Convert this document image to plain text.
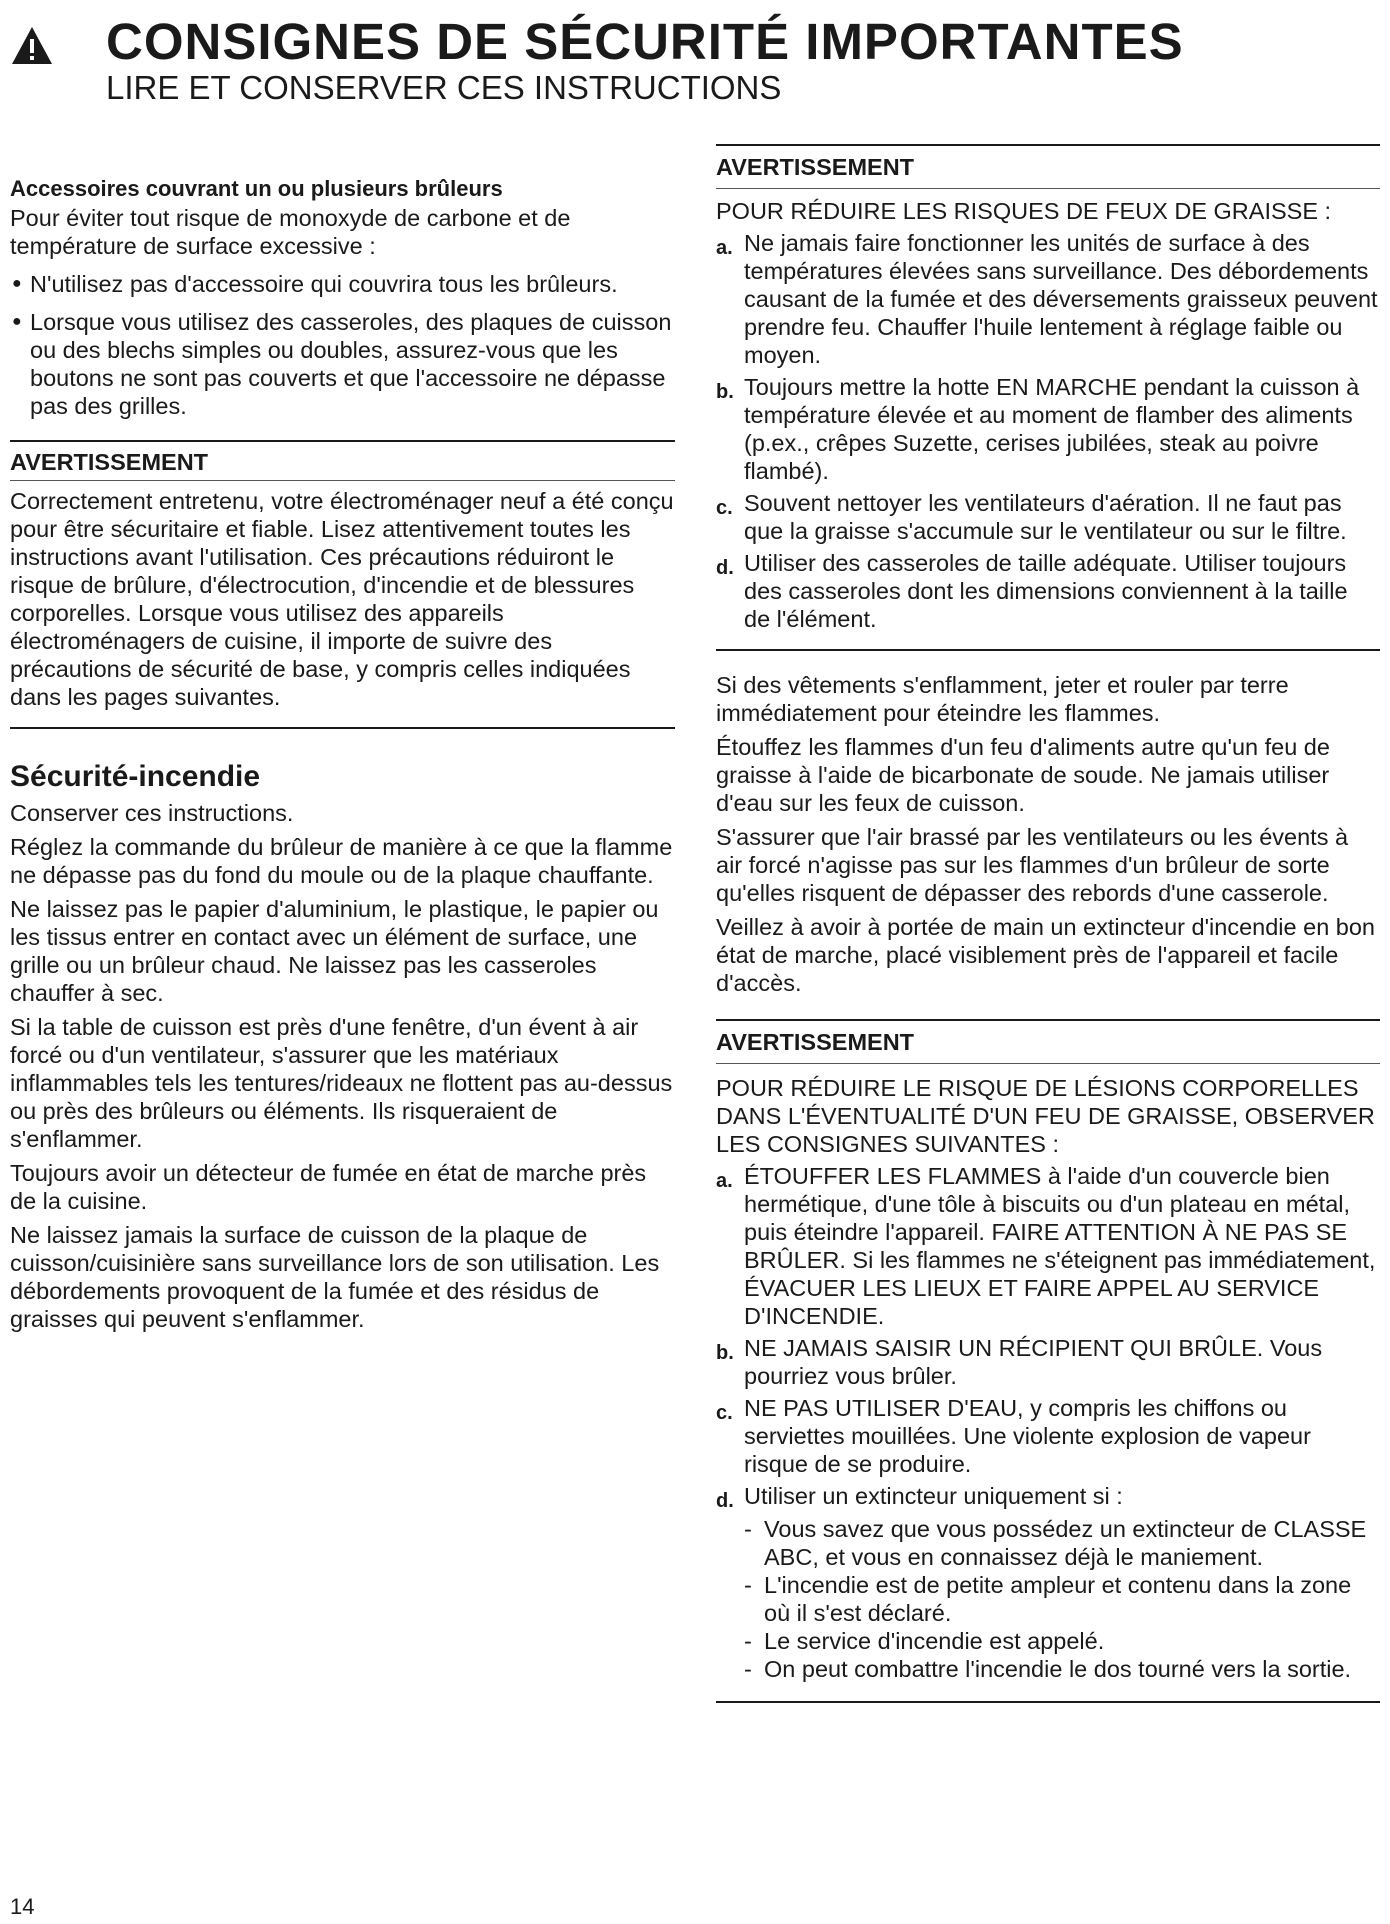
CONSIGNES DE SÉCURITÉ IMPORTANTES
LIRE ET CONSERVER CES INSTRUCTIONS
Accessoires couvrant un ou plusieurs brûleurs
Pour éviter tout risque de monoxyde de carbone et de température de surface excessive :
● N'utilisez pas d'accessoire qui couvrira tous les brûleurs.
● Lorsque vous utilisez des casseroles, des plaques de cuisson ou des blechs simples ou doubles, assurez-vous que les boutons ne sont pas couverts et que l'accessoire ne dépasse pas des grilles.
AVERTISSEMENT
Correctement entretenu, votre électroménager neuf a été conçu pour être sécuritaire et fiable. Lisez attentivement toutes les instructions avant l'utilisation. Ces précautions réduiront le risque de brûlure, d'électrocution, d'incendie et de blessures corporelles. Lorsque vous utilisez des appareils électroménagers de cuisine, il importe de suivre des précautions de sécurité de base, y compris celles indiquées dans les pages suivantes.
Sécurité-incendie
Conserver ces instructions.
Réglez la commande du brûleur de manière à ce que la flamme ne dépasse pas du fond du moule ou de la plaque chauffante.
Ne laissez pas le papier d'aluminium, le plastique, le papier ou les tissus entrer en contact avec un élément de surface, une grille ou un brûleur chaud. Ne laissez pas les casseroles chauffer à sec.
Si la table de cuisson est près d'une fenêtre, d'un évent à air forcé ou d'un ventilateur, s'assurer que les matériaux inflammables tels les tentures/rideaux ne flottent pas au-dessus ou près des brûleurs ou éléments. Ils risqueraient de s'enflammer.
Toujours avoir un détecteur de fumée en état de marche près de la cuisine.
Ne laissez jamais la surface de cuisson de la plaque de cuisson/cuisinière sans surveillance lors de son utilisation. Les débordements provoquent de la fumée et des résidus de graisses qui peuvent s'enflammer.
AVERTISSEMENT
POUR RÉDUIRE LES RISQUES DE FEUX DE GRAISSE :
a. Ne jamais faire fonctionner les unités de surface à des températures élevées sans surveillance. Des débordements causant de la fumée et des déversements graisseux peuvent prendre feu. Chauffer l'huile lentement à réglage faible ou moyen.
b. Toujours mettre la hotte EN MARCHE pendant la cuisson à température élevée et au moment de flamber des aliments (p.ex., crêpes Suzette, cerises jubilées, steak au poivre flambé).
c. Souvent nettoyer les ventilateurs d'aération. Il ne faut pas que la graisse s'accumule sur le ventilateur ou sur le filtre.
d. Utiliser des casseroles de taille adéquate. Utiliser toujours des casseroles dont les dimensions conviennent à la taille de l'élément.
Si des vêtements s'enflamment, jeter et rouler par terre immédiatement pour éteindre les flammes.
Étouffez les flammes d'un feu d'aliments autre qu'un feu de graisse à l'aide de bicarbonate de soude. Ne jamais utiliser d'eau sur les feux de cuisson.
S'assurer que l'air brassé par les ventilateurs ou les évents à air forcé n'agisse pas sur les flammes d'un brûleur de sorte qu'elles risquent de dépasser des rebords d'une casserole.
Veillez à avoir à portée de main un extincteur d'incendie en bon état de marche, placé visiblement près de l'appareil et facile d'accès.
AVERTISSEMENT
POUR RÉDUIRE LE RISQUE DE LÉSIONS CORPORELLES DANS L'ÉVENTUALITÉ D'UN FEU DE GRAISSE, OBSERVER LES CONSIGNES SUIVANTES :
a. ÉTOUFFER LES FLAMMES à l'aide d'un couvercle bien hermétique, d'une tôle à biscuits ou d'un plateau en métal, puis éteindre l'appareil. FAIRE ATTENTION À NE PAS SE BRÛLER. Si les flammes ne s'éteignent pas immédiatement, ÉVACUER LES LIEUX ET FAIRE APPEL AU SERVICE D'INCENDIE.
b. NE JAMAIS SAISIR UN RÉCIPIENT QUI BRÛLE. Vous pourriez vous brûler.
c. NE PAS UTILISER D'EAU, y compris les chiffons ou serviettes mouillées. Une violente explosion de vapeur risque de se produire.
d. Utiliser un extincteur uniquement si :
- Vous savez que vous possédez un extincteur de CLASSE ABC, et vous en connaissez déjà le maniement.
- L'incendie est de petite ampleur et contenu dans la zone où il s'est déclaré.
- Le service d'incendie est appelé.
- On peut combattre l'incendie le dos tourné vers la sortie.
14
